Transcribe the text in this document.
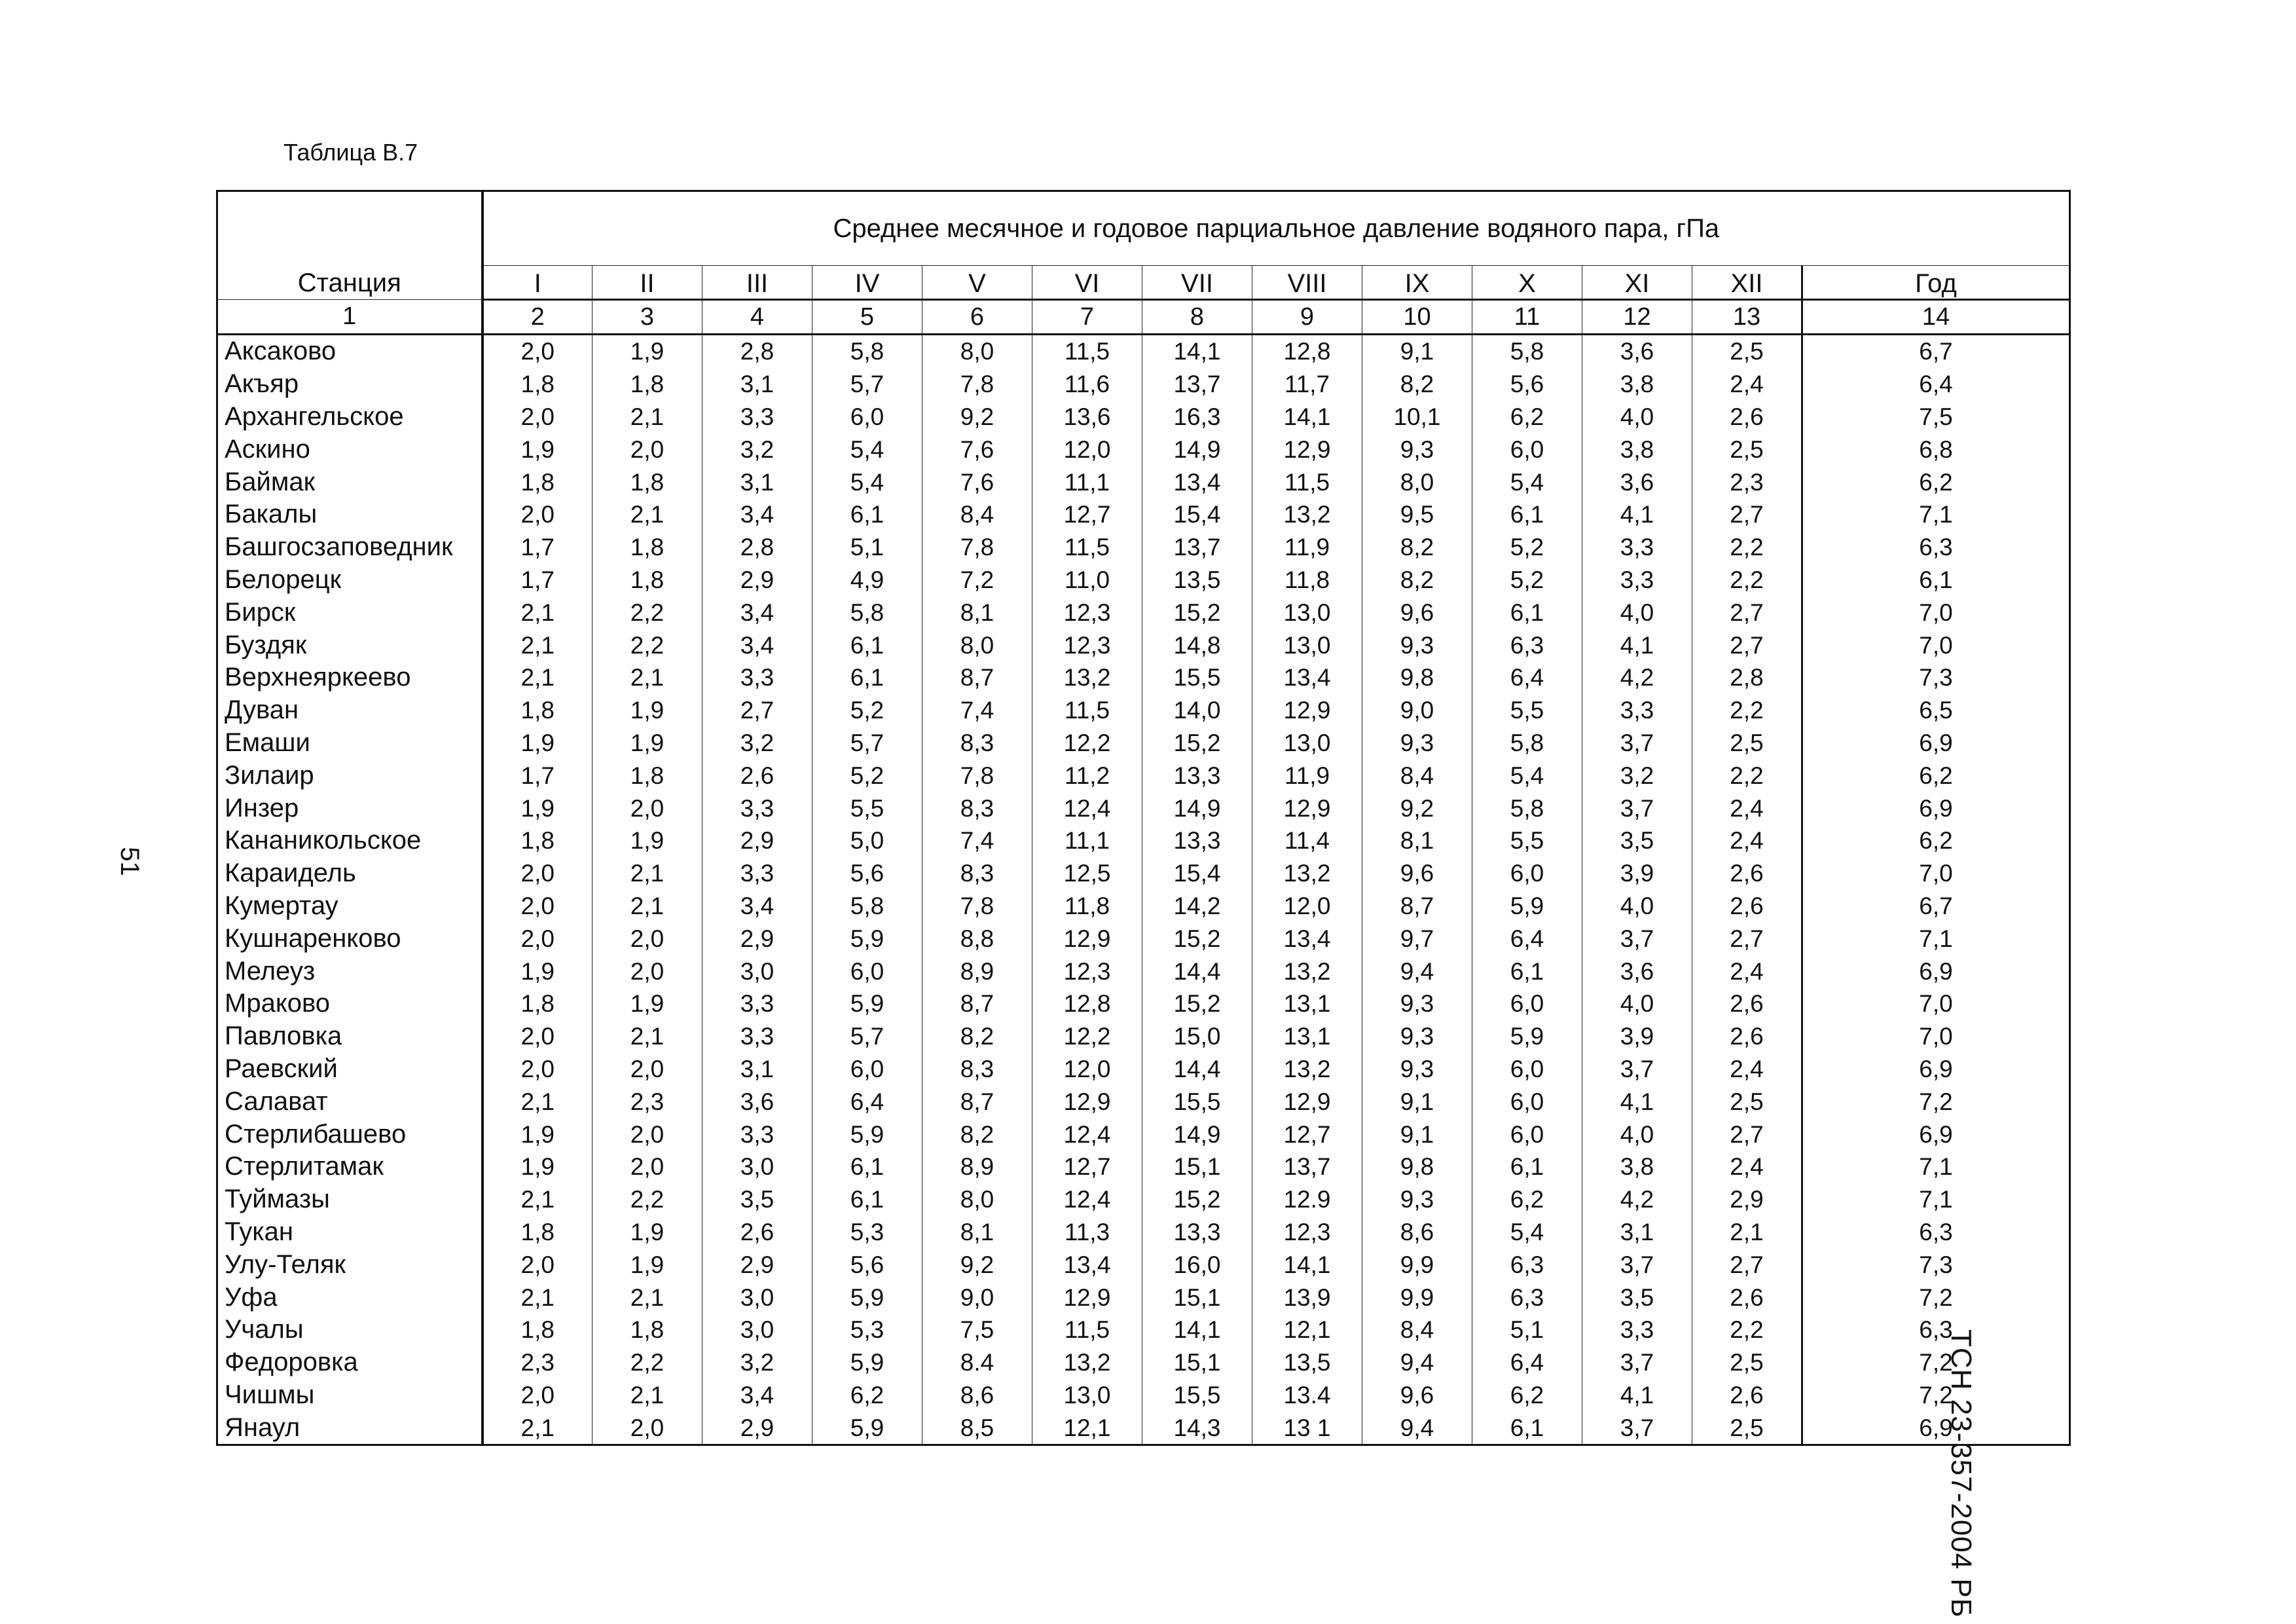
Таблица В.7
Станция	Среднее месячное и годовое парциальное давление водяного пара, гПа												
	I	II	III	IV	V	VI	VII	VIII	IX	X	XI	XII	Год
1	2	3	4	5	6	7	8	9	10	11	12	13	14
Аксаково	2,0	1,9	2,8	5,8	8,0	11,5	14,1	12,8	9,1	5,8	3,6	2,5	6,7
Акъяр	1,8	1,8	3,1	5,7	7,8	11,6	13,7	11,7	8,2	5,6	3,8	2,4	6,4
Архангельское	2,0	2,1	3,3	6,0	9,2	13,6	16,3	14,1	10,1	6,2	4,0	2,6	7,5
Аскино	1,9	2,0	3,2	5,4	7,6	12,0	14,9	12,9	9,3	6,0	3,8	2,5	6,8
Баймак	1,8	1,8	3,1	5,4	7,6	11,1	13,4	11,5	8,0	5,4	3,6	2,3	6,2
Бакалы	2,0	2,1	3,4	6,1	8,4	12,7	15,4	13,2	9,5	6,1	4,1	2,7	7,1
Башгосзаповедник	1,7	1,8	2,8	5,1	7,8	11,5	13,7	11,9	8,2	5,2	3,3	2,2	6,3
Белорецк	1,7	1,8	2,9	4,9	7,2	11,0	13,5	11,8	8,2	5,2	3,3	2,2	6,1
Бирск	2,1	2,2	3,4	5,8	8,1	12,3	15,2	13,0	9,6	6,1	4,0	2,7	7,0
Буздяк	2,1	2,2	3,4	6,1	8,0	12,3	14,8	13,0	9,3	6,3	4,1	2,7	7,0
Верхнеяркеево	2,1	2,1	3,3	6,1	8,7	13,2	15,5	13,4	9,8	6,4	4,2	2,8	7,3
Дуван	1,8	1,9	2,7	5,2	7,4	11,5	14,0	12,9	9,0	5,5	3,3	2,2	6,5
Емаши	1,9	1,9	3,2	5,7	8,3	12,2	15,2	13,0	9,3	5,8	3,7	2,5	6,9
Зилаир	1,7	1,8	2,6	5,2	7,8	11,2	13,3	11,9	8,4	5,4	3,2	2,2	6,2
Инзер	1,9	2,0	3,3	5,5	8,3	12,4	14,9	12,9	9,2	5,8	3,7	2,4	6,9
Кананикольское	1,8	1,9	2,9	5,0	7,4	11,1	13,3	11,4	8,1	5,5	3,5	2,4	6,2
Караидель	2,0	2,1	3,3	5,6	8,3	12,5	15,4	13,2	9,6	6,0	3,9	2,6	7,0
Кумертау	2,0	2,1	3,4	5,8	7,8	11,8	14,2	12,0	8,7	5,9	4,0	2,6	6,7
Кушнаренково	2,0	2,0	2,9	5,9	8,8	12,9	15,2	13,4	9,7	6,4	3,7	2,7	7,1
Мелеуз	1,9	2,0	3,0	6,0	8,9	12,3	14,4	13,2	9,4	6,1	3,6	2,4	6,9
Мраково	1,8	1,9	3,3	5,9	8,7	12,8	15,2	13,1	9,3	6,0	4,0	2,6	7,0
Павловка	2,0	2,1	3,3	5,7	8,2	12,2	15,0	13,1	9,3	5,9	3,9	2,6	7,0
Раевский	2,0	2,0	3,1	6,0	8,3	12,0	14,4	13,2	9,3	6,0	3,7	2,4	6,9
Салават	2,1	2,3	3,6	6,4	8,7	12,9	15,5	12,9	9,1	6,0	4,1	2,5	7,2
Стерлибашево	1,9	2,0	3,3	5,9	8,2	12,4	14,9	12,7	9,1	6,0	4,0	2,7	6,9
Стерлитамак	1,9	2,0	3,0	6,1	8,9	12,7	15,1	13,7	9,8	6,1	3,8	2,4	7,1
Туймазы	2,1	2,2	3,5	6,1	8,0	12,4	15,2	12.9	9,3	6,2	4,2	2,9	7,1
Тукан	1,8	1,9	2,6	5,3	8,1	11,3	13,3	12,3	8,6	5,4	3,1	2,1	6,3
Улу-Теляк	2,0	1,9	2,9	5,6	9,2	13,4	16,0	14,1	9,9	6,3	3,7	2,7	7,3
Уфа	2,1	2,1	3,0	5,9	9,0	12,9	15,1	13,9	9,9	6,3	3,5	2,6	7,2
Учалы	1,8	1,8	3,0	5,3	7,5	11,5	14,1	12,1	8,4	5,1	3,3	2,2	6,3
Федоровка	2,3	2,2	3,2	5,9	8.4	13,2	15,1	13,5	9,4	6,4	3,7	2,5	7,2
Чишмы	2,0	2,1	3,4	6,2	8,6	13,0	15,5	13.4	9,6	6,2	4,1	2,6	7,2
Янаул	2,1	2,0	2,9	5,9	8,5	12,1	14,3	13 1	9,4	6,1	3,7	2,5	6,9
51
ТСН 23-357-2004 РБ
